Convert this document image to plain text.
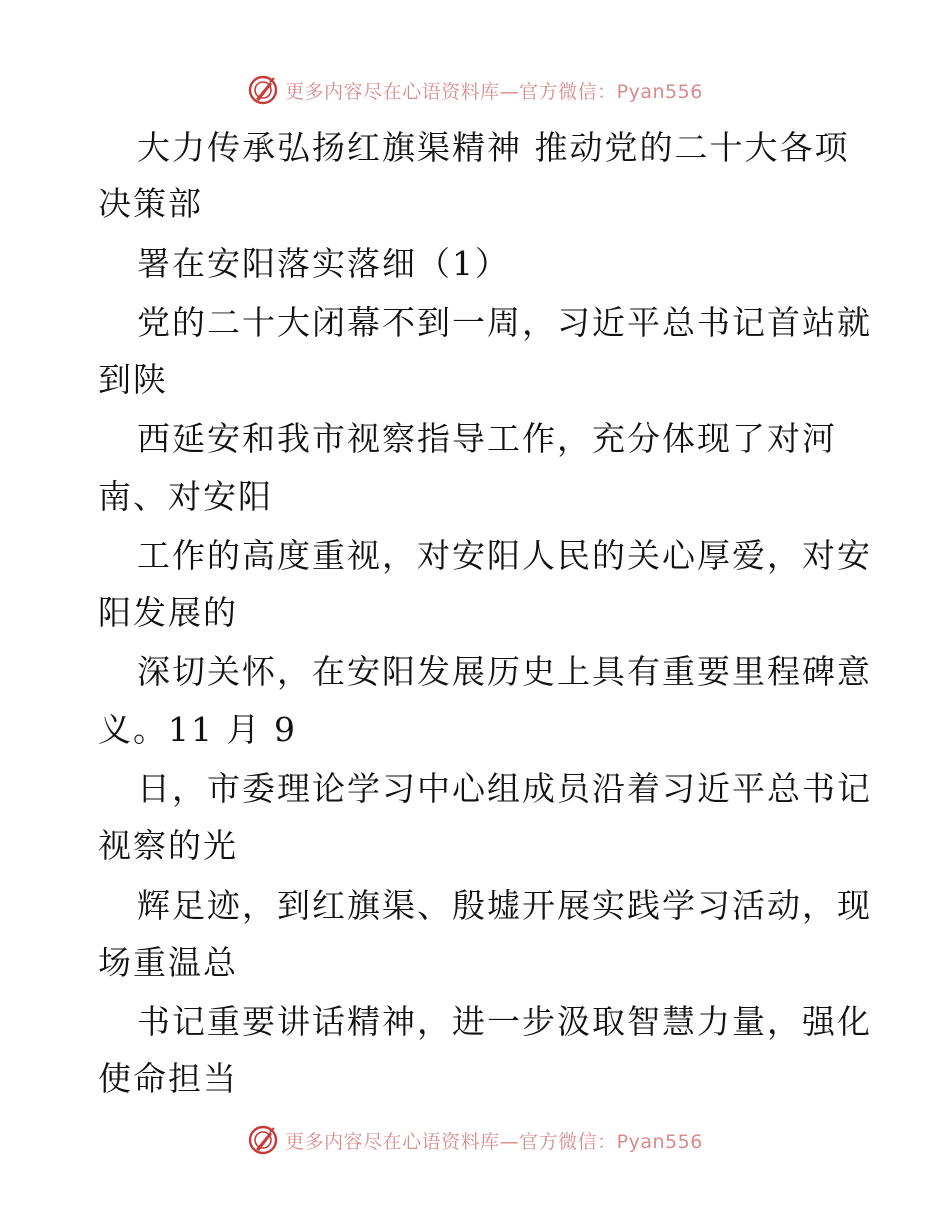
更多内容尽在心语资料库—官方微信：Pyan556
大力传承弘扬红旗渠精神 推动党的二十大各项
决策部
署在安阳落实落细（1）
党的二十大闭幕不到一周，习近平总书记首站就
到陕
西延安和我市视察指导工作，充分体现了对河
南、对安阳
工作的高度重视，对安阳人民的关心厚爱，对安
阳发展的
深切关怀，在安阳发展历史上具有重要里程碑意
义。11 月 9
日，市委理论学习中心组成员沿着习近平总书记
视察的光
辉足迹，到红旗渠、殷墟开展实践学习活动，现
场重温总
书记重要讲话精神，进一步汲取智慧力量，强化
使命担当
更多内容尽在心语资料库—官方微信：Pyan556
